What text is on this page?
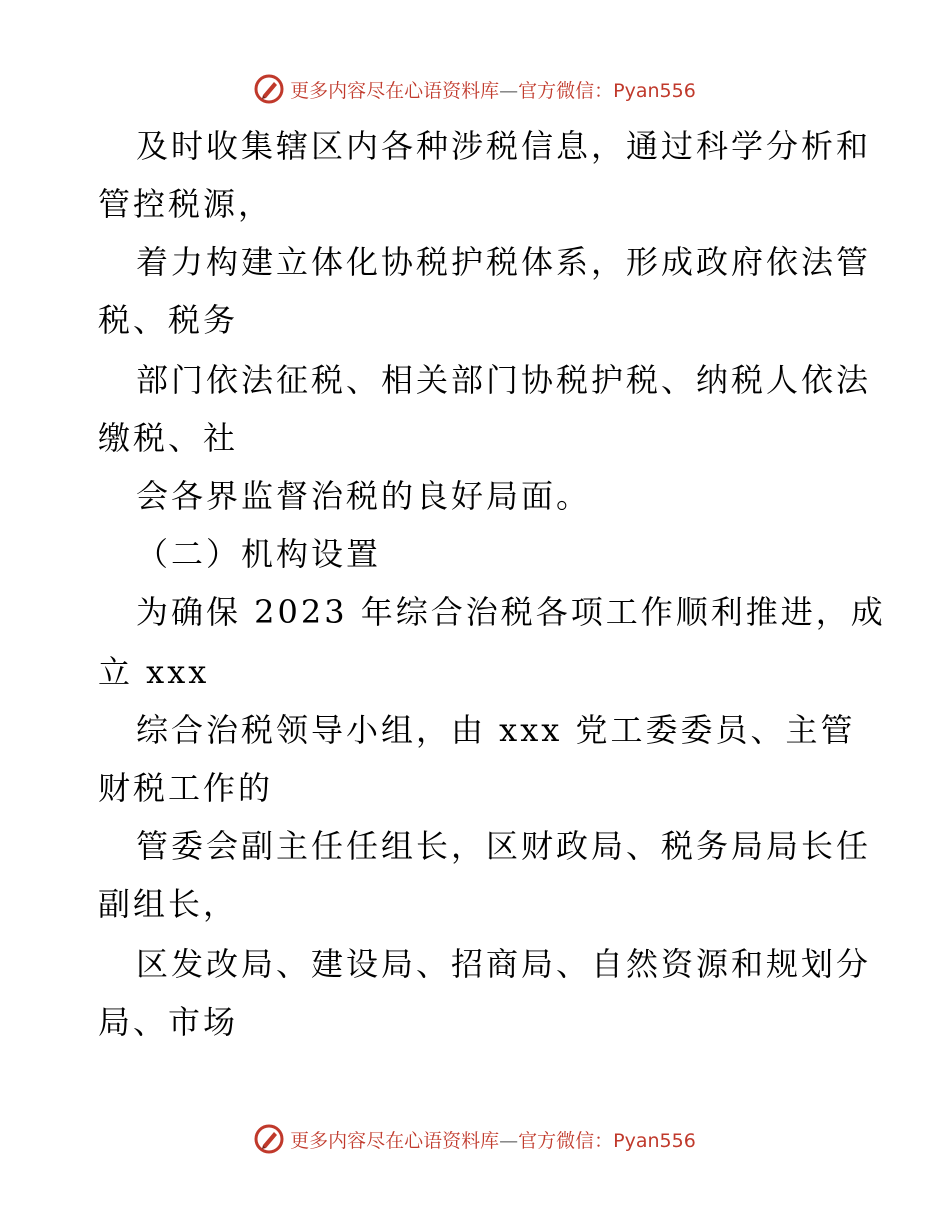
更多内容尽在心语资料库—官方微信：Pyan556
及时收集辖区内各种涉税信息，通过科学分析和
管控税源，
着力构建立体化协税护税体系，形成政府依法管
税、税务
部门依法征税、相关部门协税护税、纳税人依法
缴税、社
会各界监督治税的良好局面。
（二）机构设置
为确保 2023 年综合治税各项工作顺利推进，成
立 xxx
综合治税领导小组，由 xxx 党工委委员、主管
财税工作的
管委会副主任任组长，区财政局、税务局局长任
副组长，
区发改局、建设局、招商局、自然资源和规划分
局、市场
更多内容尽在心语资料库—官方微信：Pyan556
